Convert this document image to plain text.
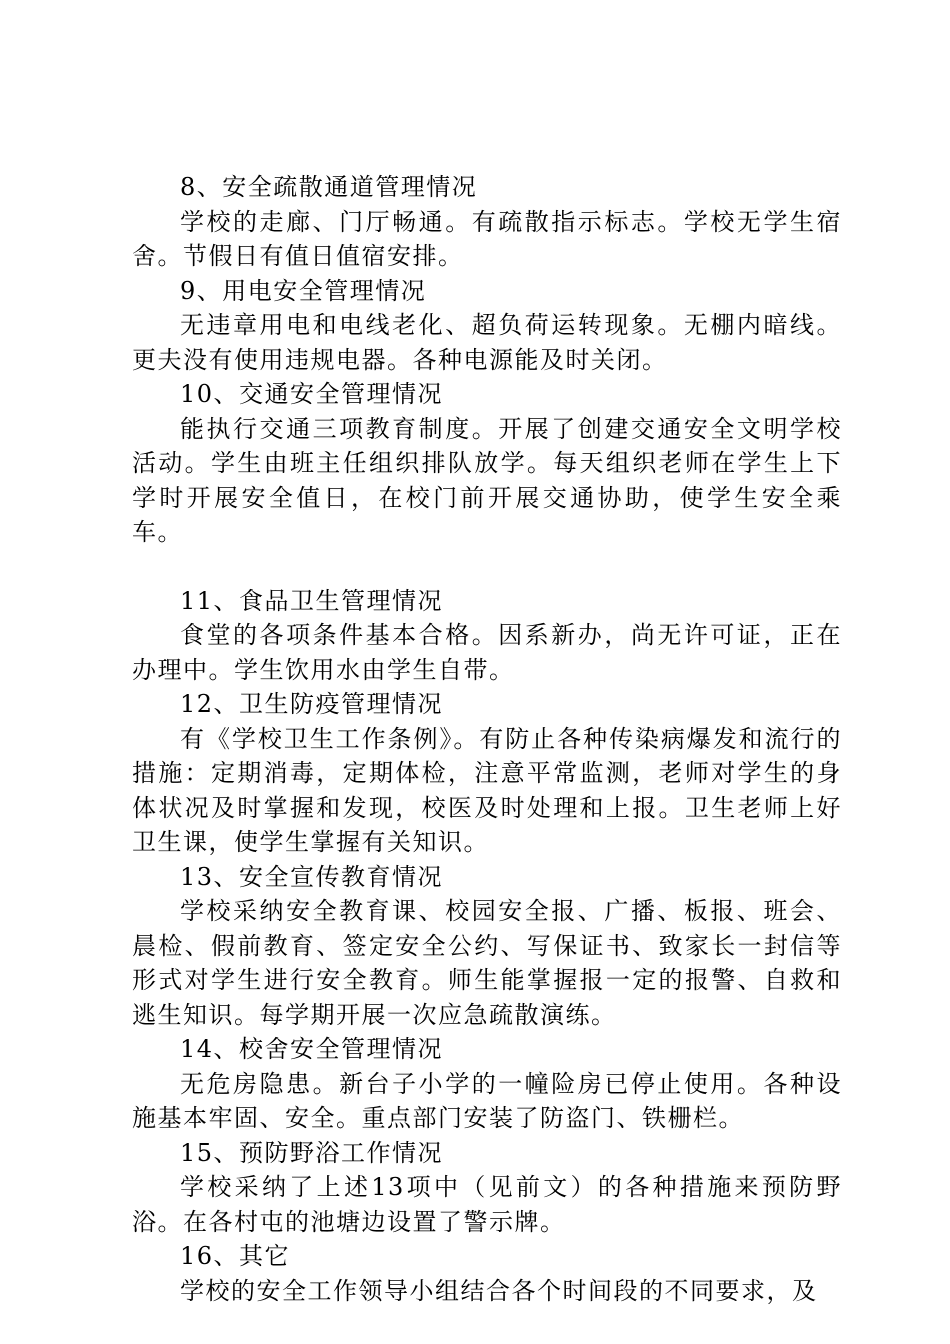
8、安全疏散通道管理情况
学校的走廊、门厅畅通。有疏散指示标志。学校无学生宿舍。节假日有值日值宿安排。
9、用电安全管理情况
无违章用电和电线老化、超负荷运转现象。无棚内暗线。更夫没有使用违规电器。各种电源能及时关闭。
10、交通安全管理情况
能执行交通三项教育制度。开展了创建交通安全文明学校活动。学生由班主任组织排队放学。每天组织老师在学生上下学时开展安全值日，在校门前开展交通协助，使学生安全乘车。
11、食品卫生管理情况
食堂的各项条件基本合格。因系新办，尚无许可证，正在办理中。学生饮用水由学生自带。
12、卫生防疫管理情况
有《学校卫生工作条例》。有防止各种传染病爆发和流行的措施：定期消毒，定期体检，注意平常监测，老师对学生的身体状况及时掌握和发现，校医及时处理和上报。卫生老师上好卫生课，使学生掌握有关知识。
13、安全宣传教育情况
学校采纳安全教育课、校园安全报、广播、板报、班会、晨检、假前教育、签定安全公约、写保证书、致家长一封信等形式对学生进行安全教育。师生能掌握报一定的报警、自救和逃生知识。每学期开展一次应急疏散演练。
14、校舍安全管理情况
无危房隐患。新台子小学的一幢险房已停止使用。各种设施基本牢固、安全。重点部门安装了防盗门、铁栅栏。
15、预防野浴工作情况
学校采纳了上述13项中（见前文）的各种措施来预防野浴。在各村屯的池塘边设置了警示牌。
16、其它
学校的安全工作领导小组结合各个时间段的不同要求，及
